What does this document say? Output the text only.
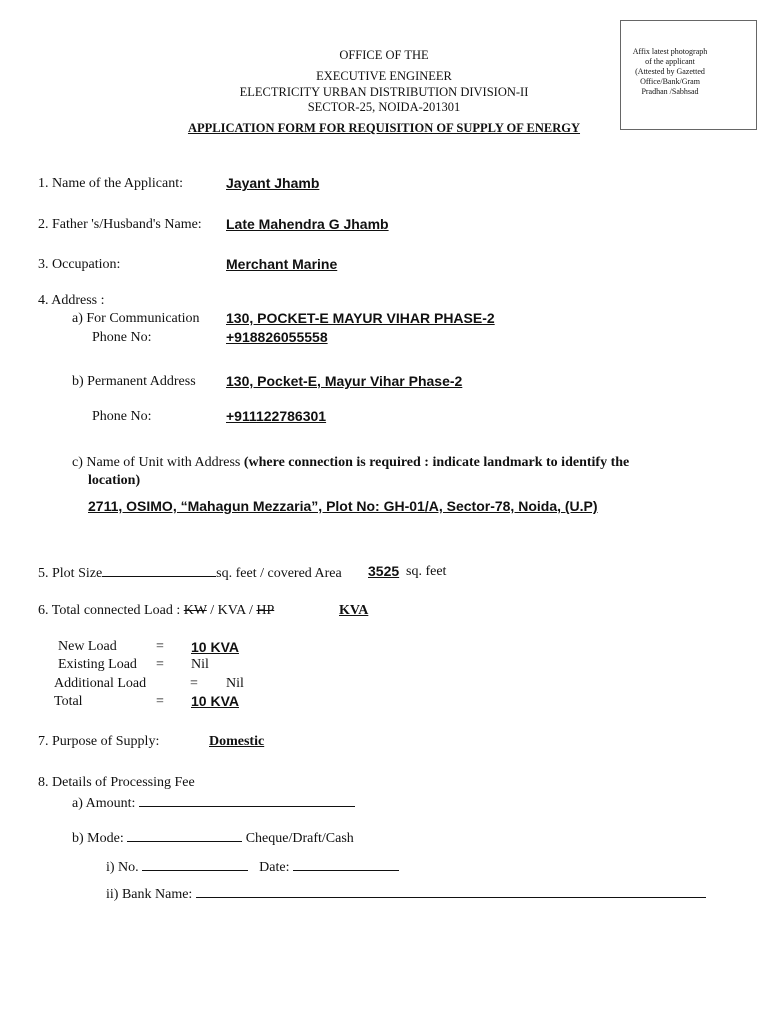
OFFICE OF THE
EXECUTIVE ENGINEER
ELECTRICITY URBAN DISTRIBUTION DIVISION-II
SECTOR-25, NOIDA-201301
APPLICATION FORM FOR REQUISITION OF SUPPLY OF ENERGY
Affix latest photograph of the applicant (Attested by Gazetted Office/Bank/Gram Pradhan /Sabhsad
1. Name of the Applicant:	Jayant Jhamb
2. Father 's/Husband's Name: Late Mahendra G Jhamb
3. Occupation:	Merchant Marine
4. Address :
a) For Communication 130, POCKET-E MAYUR VIHAR PHASE-2
Phone No:	+918826055558
b) Permanent Address 130, Pocket-E, Mayur Vihar Phase-2
Phone No:	+911122786301
c) Name of Unit with Address (where connection is required : indicate landmark to identify the
location)
2711, OSIMO, “Mahagun Mezzaria”, Plot No: GH-01/A, Sector-78, Noida, (U.P)
5. Plot Size	sq. feet / covered Area 3525 sq. feet
6. Total connected Load : KW / KVA / HP	KVA
New Load	= 10 KVA
Existing Load = Nil
Additional Load	= Nil
Total	= 10 KVA
7. Purpose of Supply:	Domestic
8. Details of Processing Fee
a) Amount:
b) Mode:	Cheque/Draft/Cash
i) No.	Date:
ii) Bank Name:
